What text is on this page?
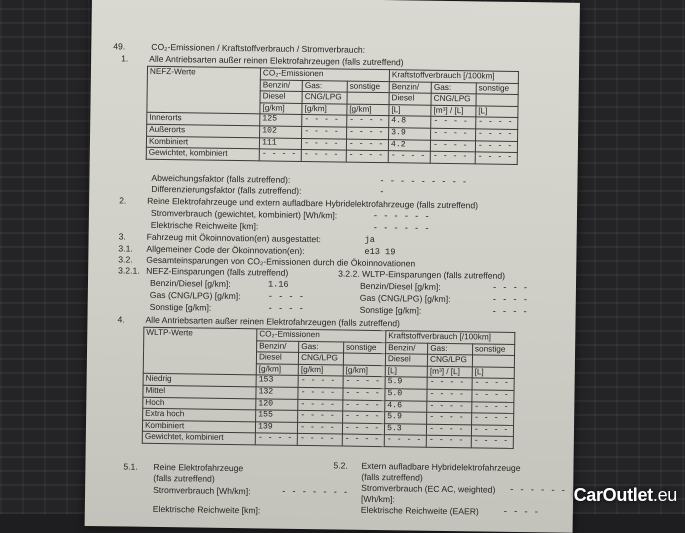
49.	CO₂-Emissionen / Kraftstoffverbrauch / Stromverbrauch:
1. Alle Antriebsarten außer reinen Elektrofahrzeugen (falls zutreffend)
NEFZ-Werte	CO₂-Emissionen			Kraftstoffverbrauch [/100km]		
	Benzin/	Gas:	sonstige	Benzin/	Gas:	sonstige
	Diesel	CNG/LPG		Diesel	CNG/LPG	
	[g/km]	[g/km]	[g/km]	[L]	[m³] / [L]	[L]
Innerorts	125	- - - -	- - - -	4.8	- - - -	- - - -
Außerorts	102	- - - -	- - - -	3.9	- - - -	- - - -
Kombiniert	111	- - - -	- - - -	4.2	- - - -	- - - -
Gewichtet, kombiniert	- - - -	- - - -	- - - -	- - - -	- - - -	- - - -
Abweichungsfaktor (falls zutreffend):	- - - - - - - - -
Differenzierungsfaktor (falls zutreffend):	-
2. Reine Elektrofahrzeuge und extern aufladbare Hybridelektrofahrzeuge (falls zutreffend)
Stromverbrauch (gewichtet, kombiniert) [Wh/km]:	- - - - - -
Elektrische Reichweite [km]:	- - - - - -
3. Fahrzeug mit Ökoinnovation(en) ausgestattet:	ja
3.1. Allgemeiner Code der Ökoinnovation(en):	e13 19
3.2. Gesamteinsparungen von CO₂-Emissionen durch die Ökoinnovationen
3.2.1. NEFZ-Einsparungen (falls zutreffend)	3.2.2. WLTP-Einsparungen (falls zutreffend)
Benzin/Diesel [g/km]:	1.16
Gas (CNG/LPG) [g/km]:	- - - -
Sonstige [g/km]:	- - - -
Benzin/Diesel [g/km]:	- - - -
Gas (CNG/LPG) [g/km]:	- - - -
Sonstige [g/km]:	- - - -
4. Alle Antriebsarten außer reinen Elektrofahrzeugen (falls zutreffend)
WLTP-Werte	CO₂-Emissionen			Kraftstoffverbrauch [/100km]		
	Benzin/	Gas:	sonstige	Benzin/	Gas:	sonstige
	Diesel	CNG/LPG		Diesel	CNG/LPG	
	[g/km]	[g/km]	[g/km]	[L]	[m³] / [L]	[L]
Niedrig	153	- - - -	- - - -	5.9	- - - -	- - - -
Mittel	132	- - - -	- - - -	5.0	- - - -	- - - -
Hoch	120	- - - -	- - - -	4.6	- - - -	- - - -
Extra hoch	155	- - - -	- - - -	5.9	- - - -	- - - -
Kombiniert	139	- - - -	- - - -	5.3	- - - -	- - - -
Gewichtet, kombiniert	- - - -	- - - -	- - - -	- - - -	- - - -	- - - -
5.1. Reine Elektrofahrzeuge
(falls zutreffend)
Stromverbrauch [Wh/km]:	- - - - - - -
Elektrische Reichweite [km]:
5.2. Extern aufladbare Hybridelektrofahrzeuge
(falls zutreffend)
Stromverbrauch (EC AC, weighted) - - - - - -
[Wh/km]:
Elektrische Reichweite (EAER)	- - - -
CarOutlet.eu
